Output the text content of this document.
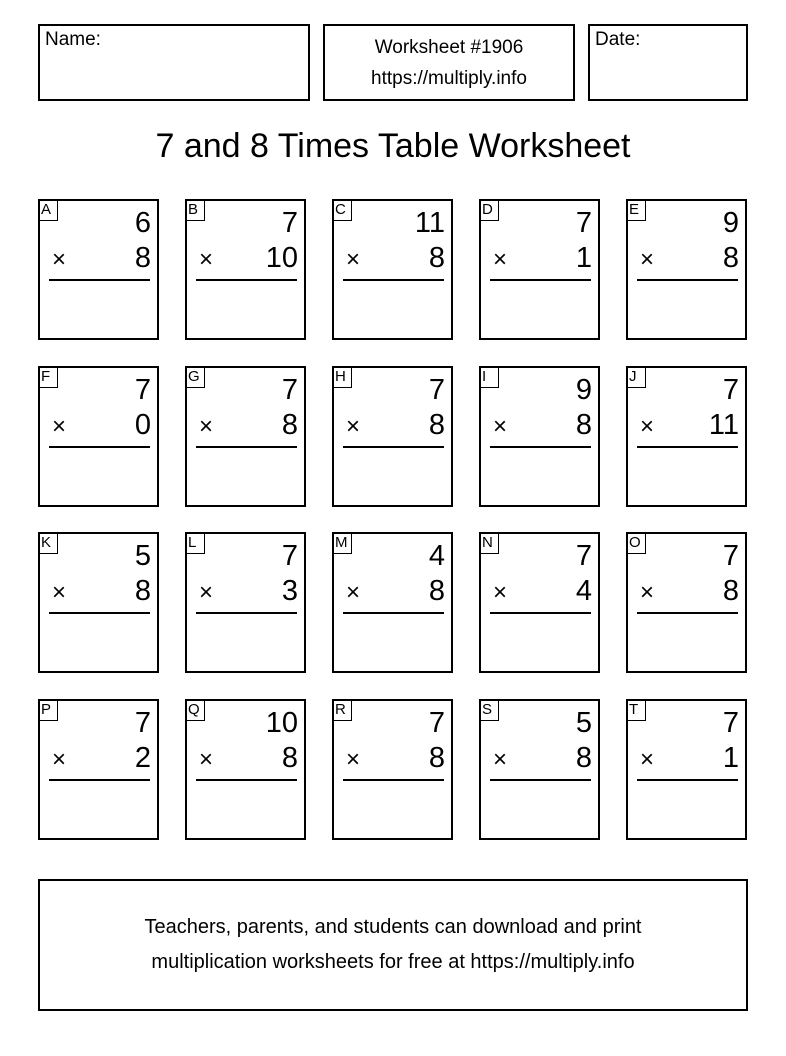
Name:	Worksheet #1906
https://multiply.info
Date:
7 and 8 Times Table Worksheet
A	6
× 8
B	7
× 10
C 11
× 8
D	7
× 1
E	9
× 8
F	7
× 0
G	7
× 8
H	7
× 8
I	9
× 8
J	7
× 11
K	5
× 8
L	7
× 3
M	4
× 8
N	7
× 4
O	7
× 8
P	7
× 2
Q 10
× 8
R	7
× 8
S	5
× 8
T	7
× 1
Teachers, parents, and students can download and print
multiplication worksheets for free at https://multiply.info
